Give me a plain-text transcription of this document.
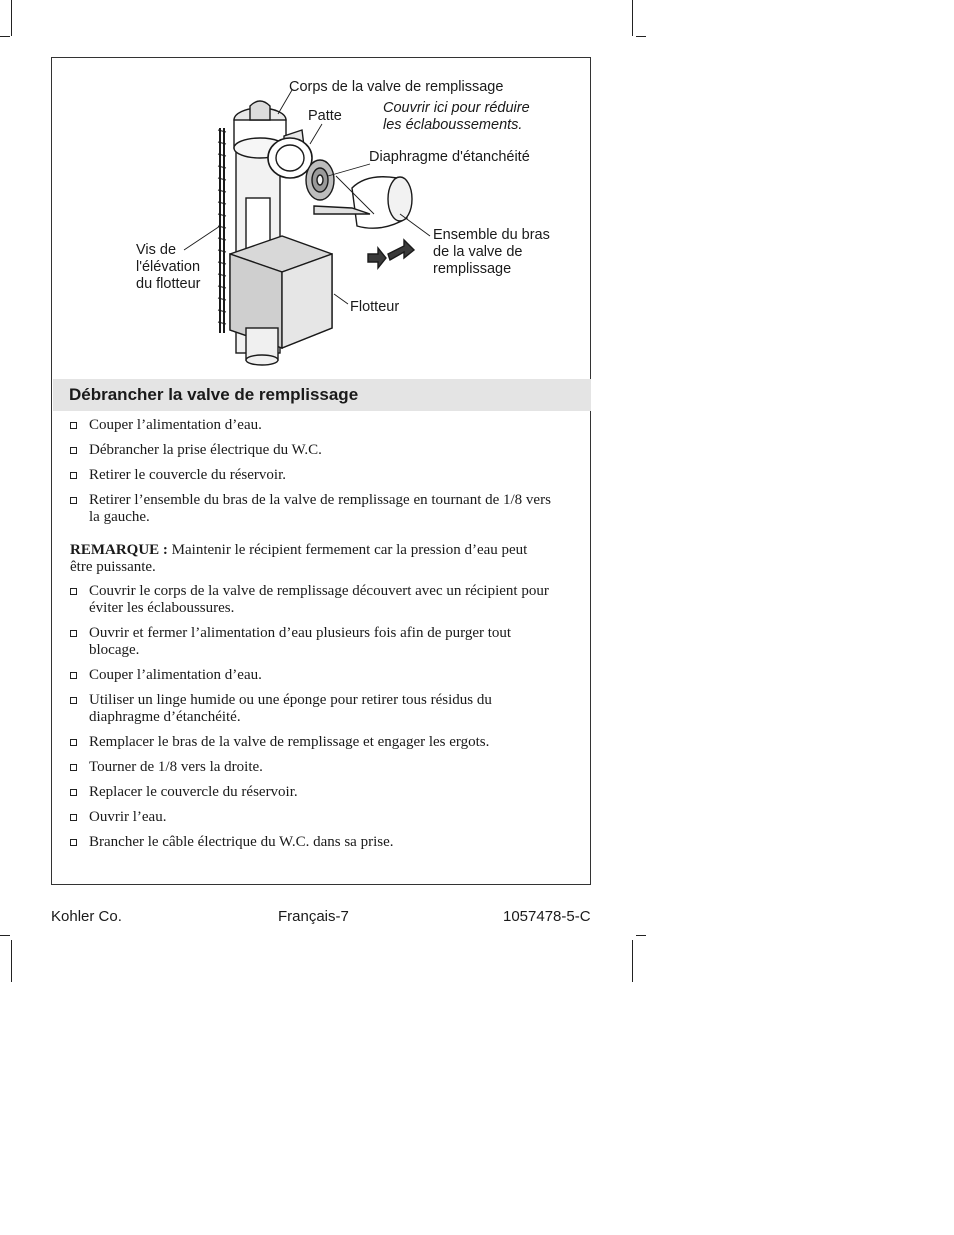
Corps de la valve de remplissage
Patte	Couvrir ici pour réduire
les éclaboussements.
Diaphragme d'étanchéité
Ensemble du bras
de la valve de
remplissage
Vis de
l'élévation
du flotteur
Flotteur
Débrancher la valve de remplissage
Couper l’alimentation d’eau.
Débrancher la prise électrique du W.C.
Retirer le couvercle du réservoir.
Retirer l’ensemble du bras de la valve de remplissage en tournant de 1/8 vers la gauche.
REMARQUE : Maintenir le récipient fermement car la pression d’eau peut être puissante.
Couvrir le corps de la valve de remplissage découvert avec un récipient pour éviter les éclaboussures.
Ouvrir et fermer l’alimentation d’eau plusieurs fois afin de purger tout blocage.
Couper l’alimentation d’eau.
Utiliser un linge humide ou une éponge pour retirer tous résidus du diaphragme d’étanchéité.
Remplacer le bras de la valve de remplissage et engager les ergots.
Tourner de 1/8 vers la droite.
Replacer le couvercle du réservoir.
Ouvrir l’eau.
Brancher le câble électrique du W.C. dans sa prise.
Kohler Co.	Français-7	1057478-5-C
